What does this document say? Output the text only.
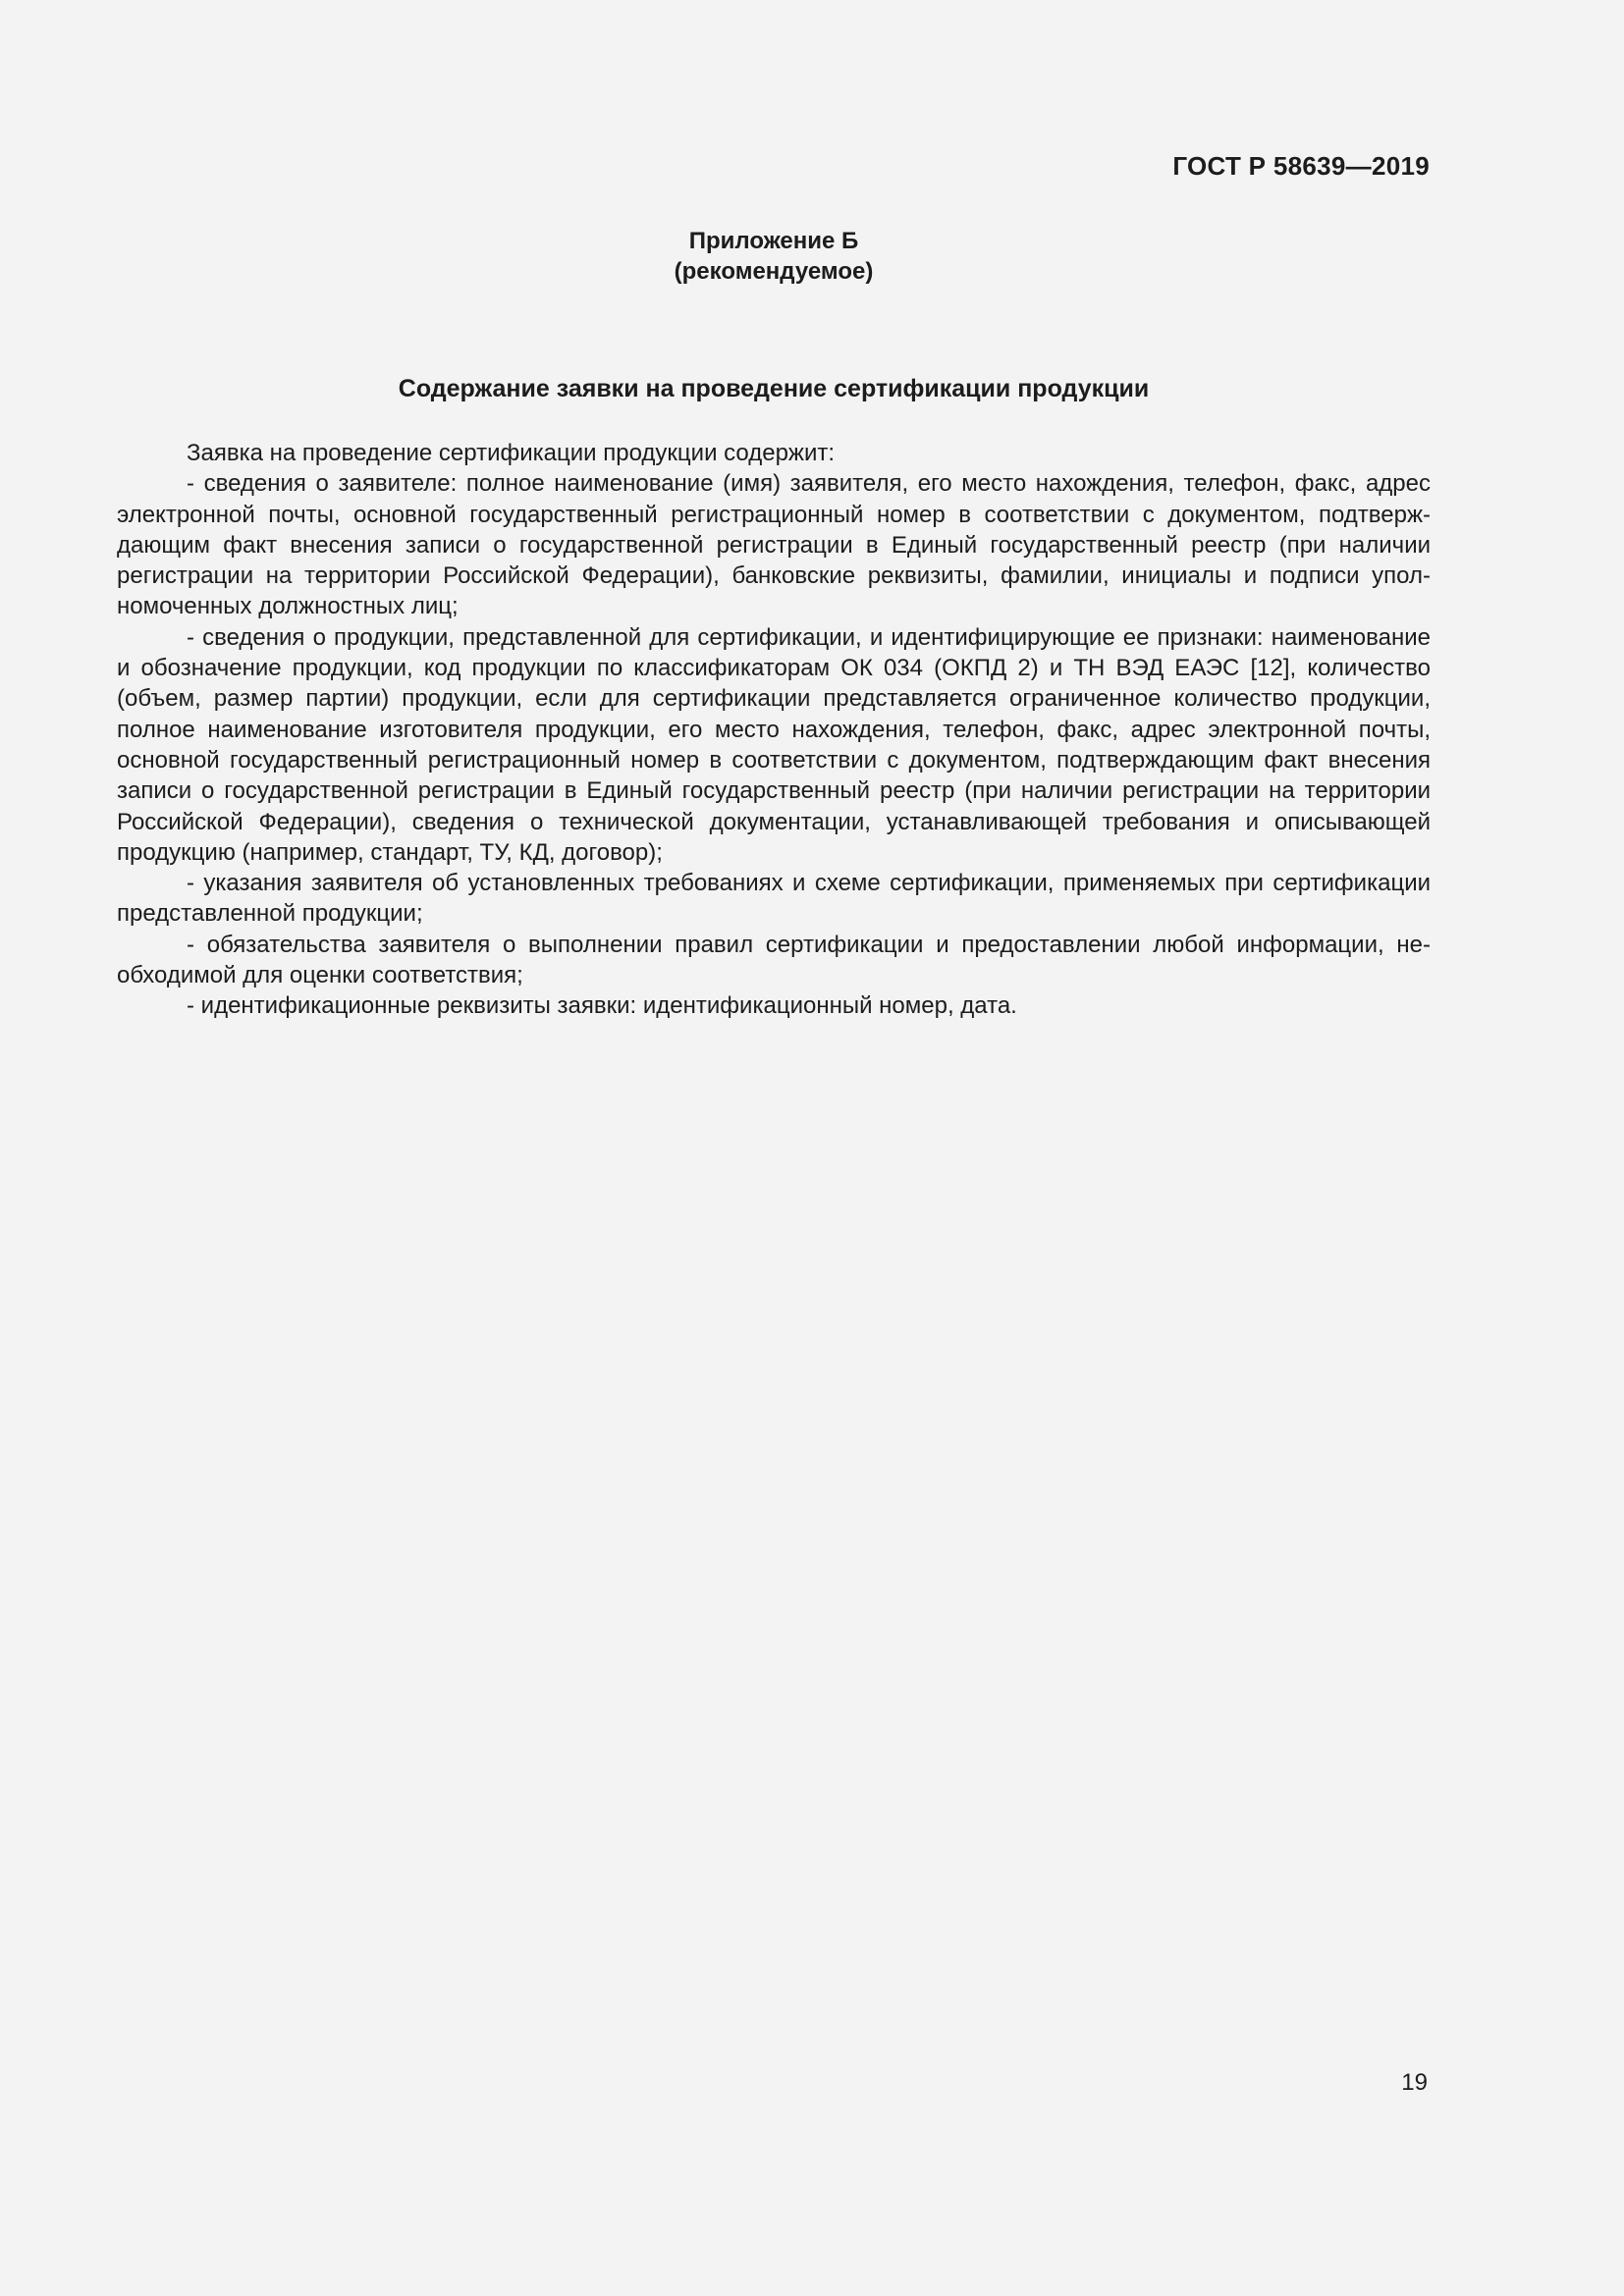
ГОСТ Р 58639—2019

Приложение Б
(рекомендуемое)
Содержание заявки на проведение сертификации продукции

Заявка на проведение сертификации продукции содержит:

- сведения о заявителе: полное наименование (имя) заявителя, его место нахождения, телефон, факс, адрес электронной почты, основной государственный регистрационный номер в соответствии с документом, подтверждающим факт внесения записи о государственной регистрации в Единый государственный реестр (при наличии регистрации на территории Российской Федерации), банковские реквизиты, фамилии, инициалы и подписи уполномоченных должностных лиц;

- сведения о продукции, представленной для сертификации, и идентифицирующие ее признаки: наименование и обозначение продукции, код продукции по классификаторам ОК 034 (ОКПД 2) и ТН ВЭД ЕАЭС [12], количество (объем, размер партии) продукции, если для сертификации представляется ограниченное количество продукции, полное наименование изготовителя продукции, его место нахождения, телефон, факс, адрес электронной почты, основной государственный регистрационный номер в соответствии с документом, подтверждающим факт внесения записи о государственной регистрации в Единый государственный реестр (при наличии регистрации на территории Российской Федерации), сведения о технической документации, устанавливающей требования и описывающей продукцию (например, стандарт, ТУ, КД, договор);

- указания заявителя об установленных требованиях и схеме сертификации, применяемых при сертификации представленной продукции;

- обязательства заявителя о выполнении правил сертификации и предоставлении любой информации, необходимой для оценки соответствия;

- идентификационные реквизиты заявки: идентификационный номер, дата.

19
